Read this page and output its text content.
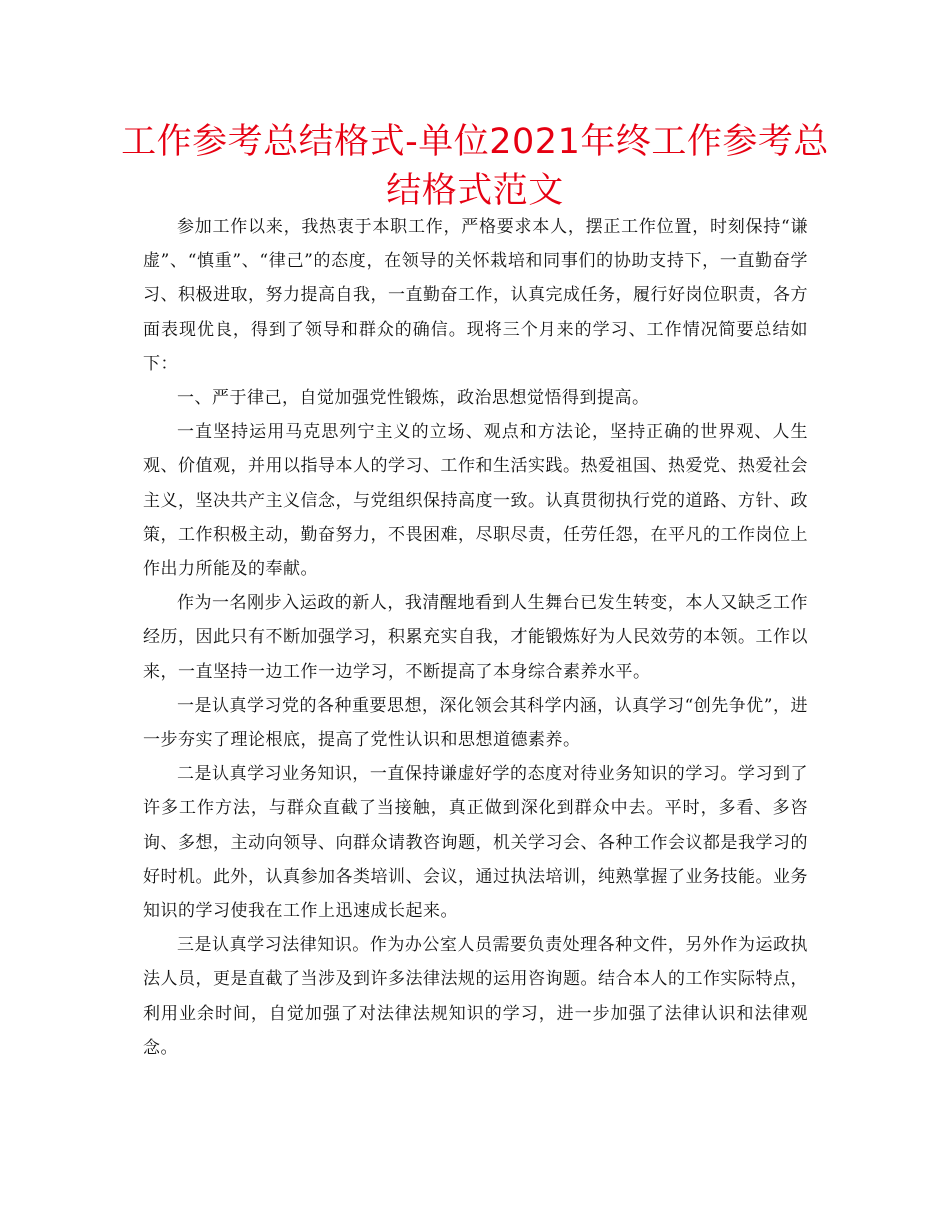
工作参考总结格式-单位2021年终工作参考总结格式范文

参加工作以来，我热衷于本职工作，严格要求本人，摆正工作位置，时刻保持“谦虚”、“慎重”、“律己”的态度，在领导的关怀栽培和同事们的协助支持下，一直勤奋学习、积极进取，努力提高自我，一直勤奋工作，认真完成任务，履行好岗位职责，各方面表现优良，得到了领导和群众的确信。现将三个月来的学习、工作情况简要总结如下：

一、严于律己，自觉加强党性锻炼，政治思想觉悟得到提高。

一直坚持运用马克思列宁主义的立场、观点和方法论，坚持正确的世界观、人生观、价值观，并用以指导本人的学习、工作和生活实践。热爱祖国、热爱党、热爱社会主义，坚决共产主义信念，与党组织保持高度一致。认真贯彻执行党的道路、方针、政策，工作积极主动，勤奋努力，不畏困难，尽职尽责，任劳任怨，在平凡的工作岗位上作出力所能及的奉献。

作为一名刚步入运政的新人，我清醒地看到人生舞台已发生转变，本人又缺乏工作经历，因此只有不断加强学习，积累充实自我，才能锻炼好为人民效劳的本领。工作以来，一直坚持一边工作一边学习，不断提高了本身综合素养水平。

一是认真学习党的各种重要思想，深化领会其科学内涵，认真学习“创先争优”，进一步夯实了理论根底，提高了党性认识和思想道德素养。

二是认真学习业务知识，一直保持谦虚好学的态度对待业务知识的学习。学习到了许多工作方法，与群众直截了当接触，真正做到深化到群众中去。平时，多看、多咨询、多想，主动向领导、向群众请教咨询题，机关学习会、各种工作会议都是我学习的好时机。此外，认真参加各类培训、会议，通过执法培训，纯熟掌握了业务技能。业务知识的学习使我在工作上迅速成长起来。

三是认真学习法律知识。作为办公室人员需要负责处理各种文件，另外作为运政执法人员，更是直截了当涉及到许多法律法规的运用咨询题。结合本人的工作实际特点，利用业余时间，自觉加强了对法律法规知识的学习，进一步加强了法律认识和法律观念。
